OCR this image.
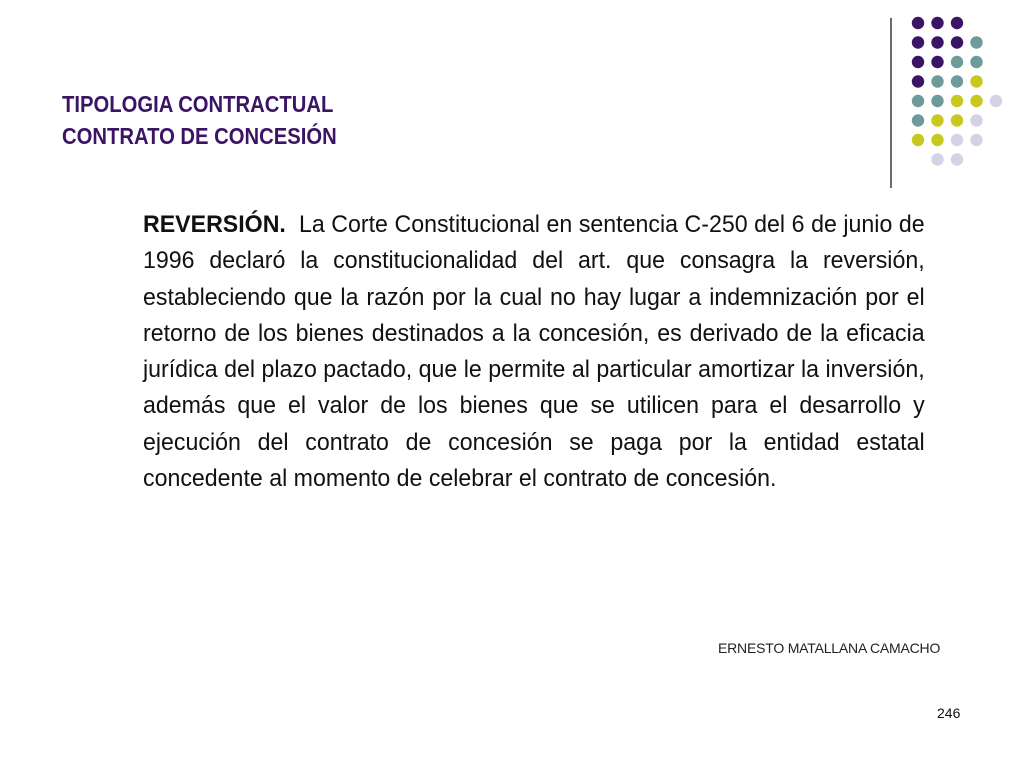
TIPOLOGIA CONTRACTUAL
CONTRATO DE CONCESIÓN
REVERSIÓN. La Corte Constitucional en sentencia C-250 del 6 de junio de 1996 declaró la constitucionalidad del art. que consagra la reversión, estableciendo que la razón por la cual no hay lugar a indemnización por el retorno de los bienes destinados a la concesión, es derivado de la eficacia jurídica del plazo pactado, que le permite al particular amortizar la inversión, además que el valor de los bienes que se utilicen para el desarrollo y ejecución del contrato de concesión se paga por la entidad estatal concedente al momento de celebrar el contrato de concesión.
ERNESTO MATALLANA CAMACHO
246
